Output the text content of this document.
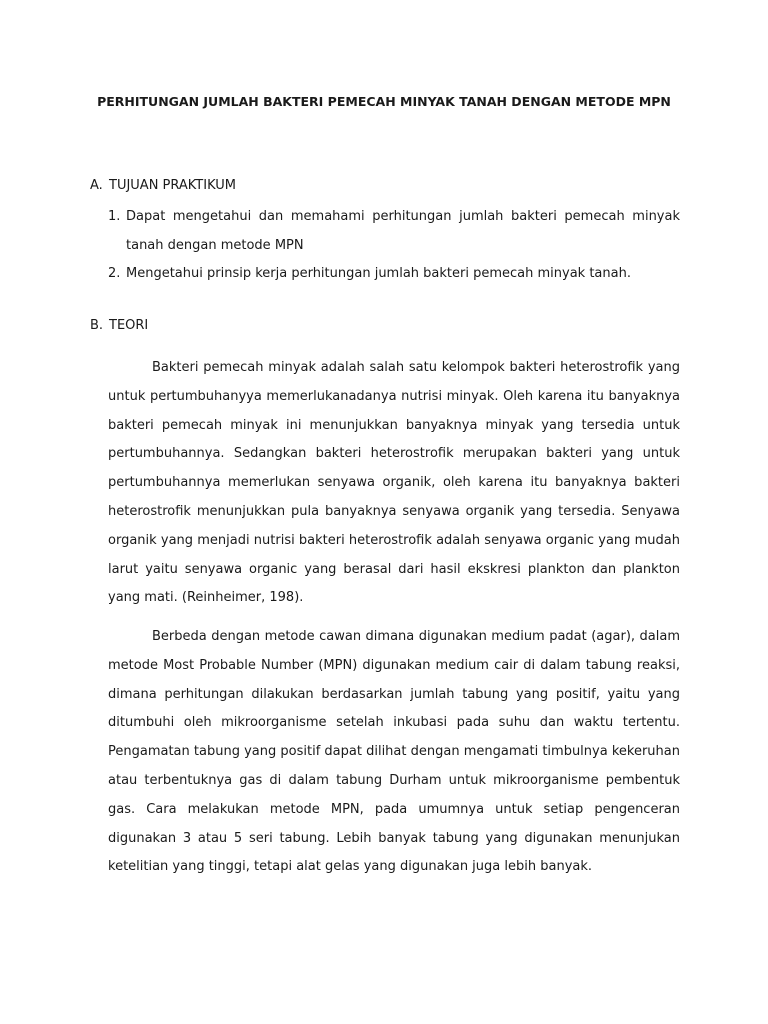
PERHITUNGAN JUMLAH BAKTERI PEMECAH MINYAK TANAH DENGAN METODE MPN
A. TUJUAN PRAKTIKUM
1. Dapat mengetahui dan memahami perhitungan jumlah bakteri pemecah minyak tanah dengan metode MPN
2. Mengetahui prinsip kerja perhitungan jumlah bakteri pemecah minyak tanah.
B. TEORI

Bakteri pemecah minyak adalah salah satu kelompok bakteri heterostrofik yang untuk pertumbuhanyya memerlukanadanya nutrisi minyak. Oleh karena itu banyaknya bakteri pemecah minyak ini menunjukkan banyaknya minyak yang tersedia untuk pertumbuhannya. Sedangkan bakteri heterostrofik merupakan bakteri yang untuk pertumbuhannya memerlukan senyawa organik, oleh karena itu banyaknya bakteri heterostrofik menunjukkan pula banyaknya senyawa organik yang tersedia. Senyawa organik yang menjadi nutrisi bakteri heterostrofik adalah senyawa organic yang mudah larut yaitu senyawa organic yang berasal dari hasil ekskresi plankton dan plankton yang mati. (Reinheimer, 198).

Berbeda dengan metode cawan dimana digunakan medium padat (agar), dalam metode Most Probable Number (MPN) digunakan medium cair di dalam tabung reaksi, dimana perhitungan dilakukan berdasarkan jumlah tabung yang positif, yaitu yang ditumbuhi oleh mikroorganisme setelah inkubasi pada suhu dan waktu tertentu. Pengamatan tabung yang positif dapat dilihat dengan mengamati timbulnya kekeruhan atau terbentuknya gas di dalam tabung Durham untuk mikroorganisme pembentuk gas. Cara melakukan metode MPN, pada umumnya untuk setiap pengenceran digunakan 3 atau 5 seri tabung. Lebih banyak tabung yang digunakan menunjukan ketelitian yang tinggi, tetapi alat gelas yang digunakan juga lebih banyak.
